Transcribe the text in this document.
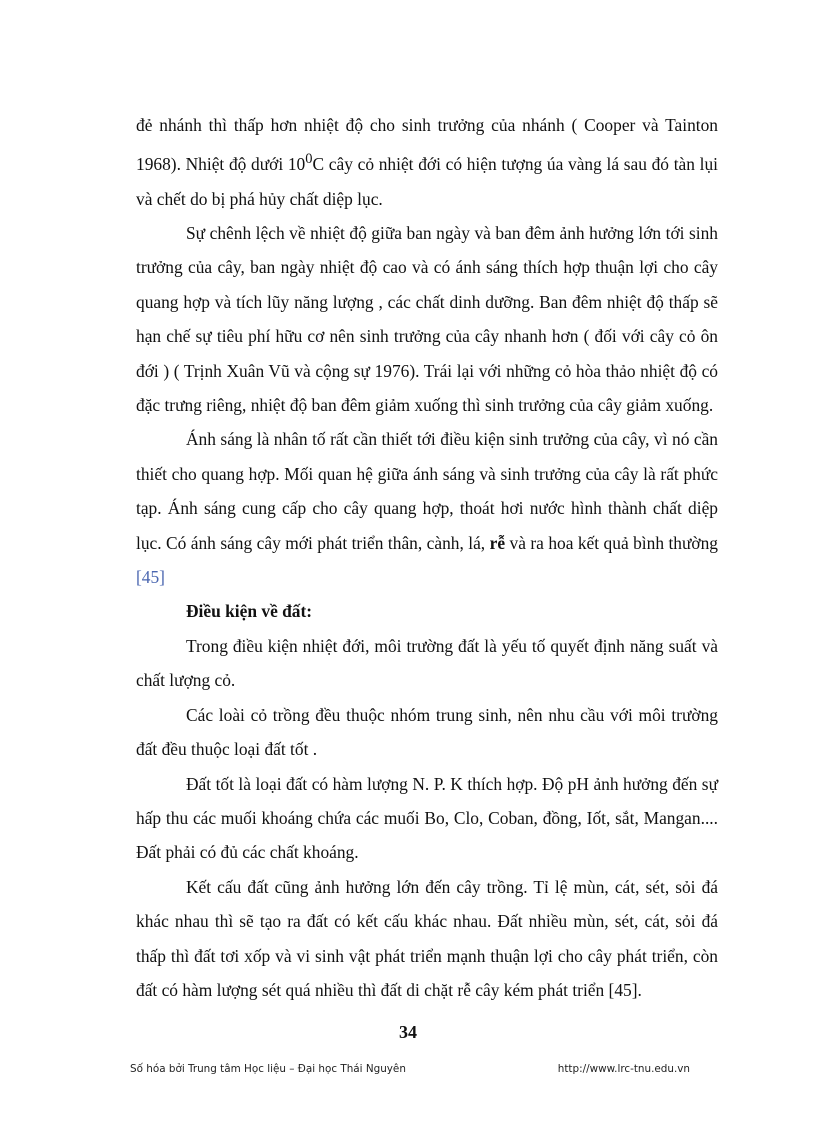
đẻ nhánh thì thấp hơn nhiệt độ cho sinh trưởng của nhánh ( Cooper và Tainton 1968). Nhiệt độ dưới $10^0C$ cây cỏ nhiệt đới có hiện tượng úa vàng lá sau đó tàn lụi và chết do bị phá hủy chất diệp lục.

Sự chênh lệch về nhiệt độ giữa ban ngày và ban đêm ảnh hưởng lớn tới sinh trưởng của cây, ban ngày nhiệt độ cao và có ánh sáng thích hợp thuận lợi cho cây quang hợp và tích lũy năng lượng , các chất dinh dưỡng. Ban đêm nhiệt độ thấp sẽ hạn chế sự tiêu phí hữu cơ nên sinh trưởng của cây nhanh hơn ( đối với cây cỏ ôn đới ) ( Trịnh Xuân Vũ và cộng sự 1976). Trái lại với những cỏ hòa thảo nhiệt độ có đặc trưng riêng, nhiệt độ ban đêm giảm xuống thì sinh trưởng của cây giảm xuống.

Ánh sáng là nhân tố rất cần thiết tới điều kiện sinh trưởng của cây, vì nó cần thiết cho quang hợp. Mối quan hệ giữa ánh sáng và sinh trưởng của cây là rất phức tạp. Ánh sáng cung cấp cho cây quang hợp, thoát hơi nước hình thành chất diệp lục. Có ánh sáng cây mới phát triển thân, cành, lá, rễ và ra hoa kết quả bình thường [45]

Điều kiện về đất:

Trong điều kiện nhiệt đới, môi trường đất là yếu tố quyết định năng suất và chất lượng cỏ.

Các loài cỏ trồng đều thuộc nhóm trung sinh, nên nhu cầu với môi trường đất đều thuộc loại đất tốt .

Đất tốt là loại đất có hàm lượng N. P. K thích hợp. Độ pH ảnh hưởng đến sự hấp thu các muối khoáng chứa các muối Bo, Clo, Coban, đồng, Iốt, sắt, Mangan.... Đất phải có đủ các chất khoáng.

Kết cấu đất cũng ảnh hưởng lớn đến cây trồng. Tỉ lệ mùn, cát, sét, sỏi đá khác nhau thì sẽ tạo ra đất có kết cấu khác nhau. Đất nhiều mùn, sét, cát, sỏi đá thấp thì đất tơi xốp và vi sinh vật phát triển mạnh thuận lợi cho cây phát triển, còn đất có hàm lượng sét quá nhiều thì đất di chặt rễ cây kém phát triển [45].

34
Số hóa bởi Trung tâm Học liệu – Đại học Thái Nguyên	http://www.lrc-tnu.edu.vn
